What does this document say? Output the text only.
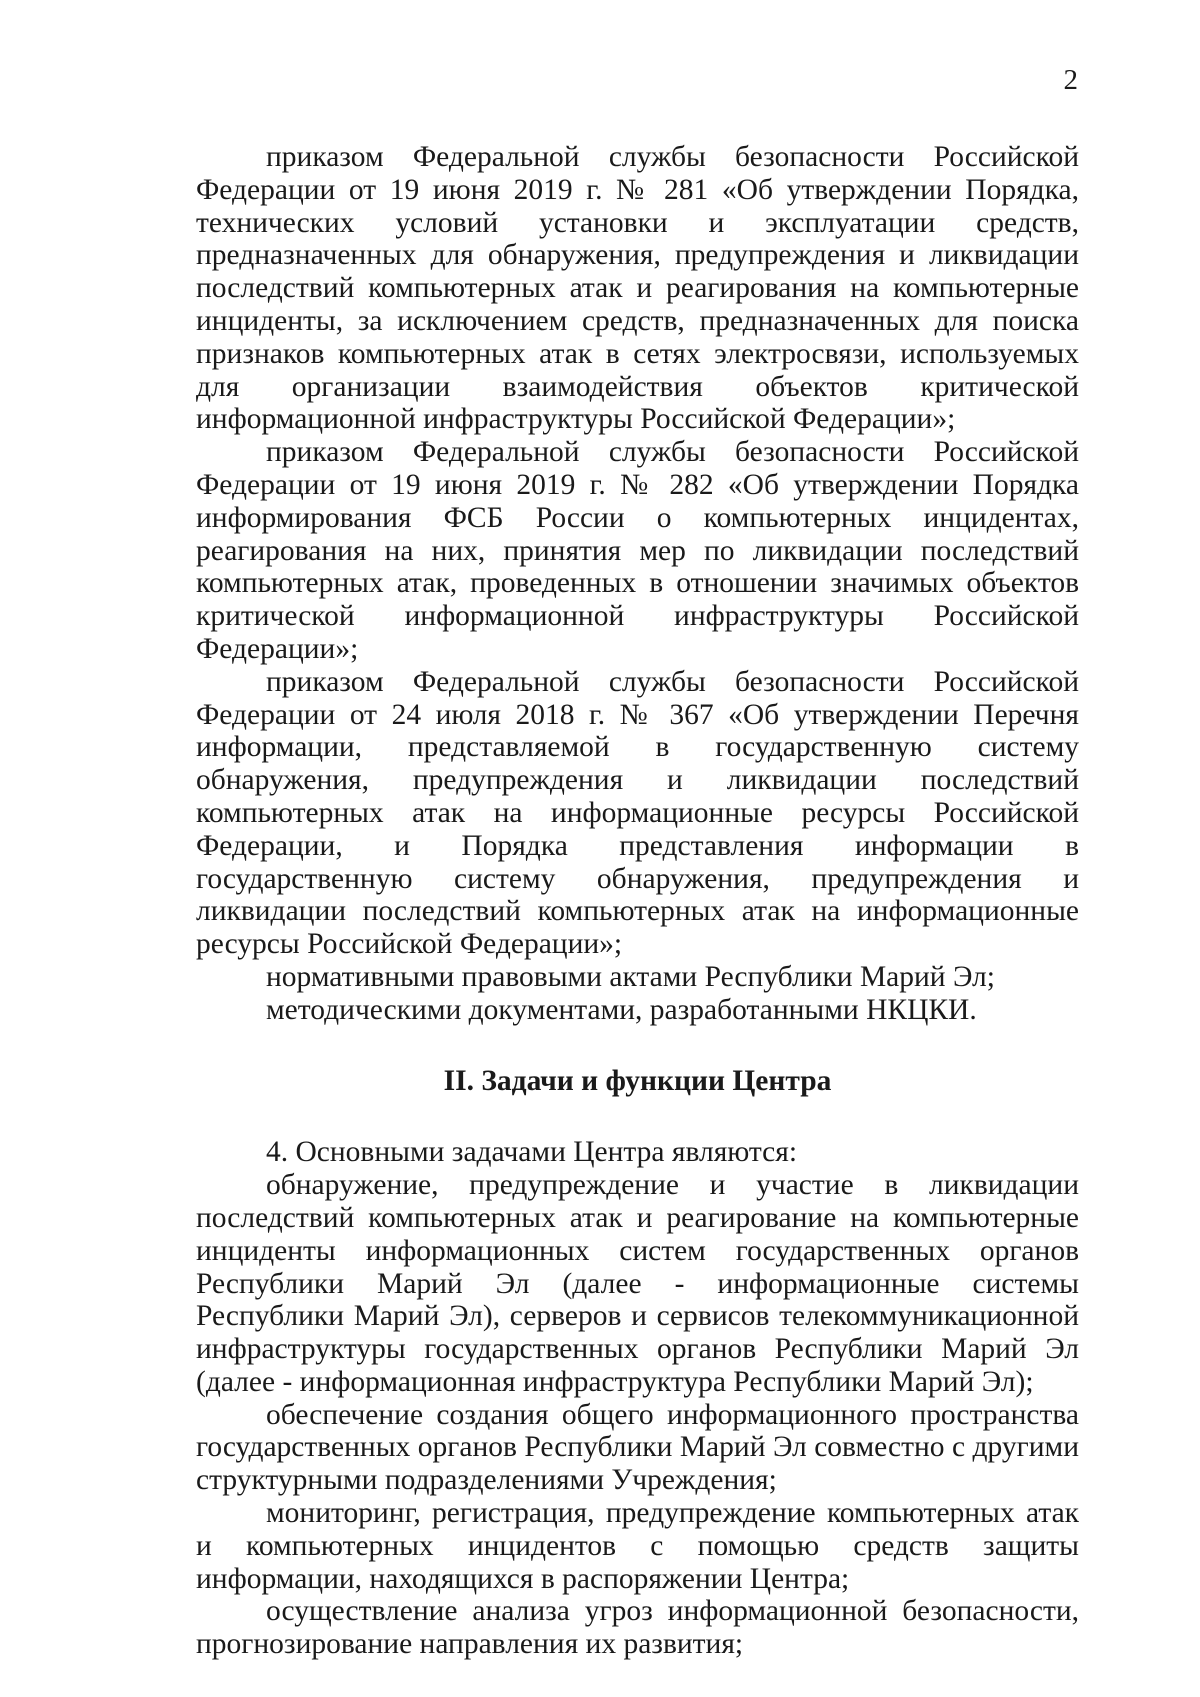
2

приказом Федеральной службы безопасности Российской Федерации от 19 июня 2019 г. № 281 «Об утверждении Порядка, технических условий установки и эксплуатации средств, предназначенных для обнаружения, предупреждения и ликвидации последствий компьютерных атак и реагирования на компьютерные инциденты, за исключением средств, предназначенных для поиска признаков компьютерных атак в сетях электросвязи, используемых для организации взаимодействия объектов критической информационной инфраструктуры Российской Федерации»;

приказом Федеральной службы безопасности Российской Федерации от 19 июня 2019 г. № 282 «Об утверждении Порядка информирования ФСБ России о компьютерных инцидентах, реагирования на них, принятия мер по ликвидации последствий компьютерных атак, проведенных в отношении значимых объектов критической информационной инфраструктуры Российской Федерации»;

приказом Федеральной службы безопасности Российской Федерации от 24 июля 2018 г. № 367 «Об утверждении Перечня информации, представляемой в государственную систему обнаружения, предупреждения и ликвидации последствий компьютерных атак на информационные ресурсы Российской Федерации, и Порядка представления информации в государственную систему обнаружения, предупреждения и ликвидации последствий компьютерных атак на информационные ресурсы Российской Федерации»;

нормативными правовыми актами Республики Марий Эл;

методическими документами, разработанными НКЦКИ.

II. Задачи и функции Центра

4. Основными задачами Центра являются:

обнаружение, предупреждение и участие в ликвидации последствий компьютерных атак и реагирование на компьютерные инциденты информационных систем государственных органов Республики Марий Эл (далее - информационные системы Республики Марий Эл), серверов и сервисов телекоммуникационной инфраструктуры государственных органов Республики Марий Эл (далее - информационная инфраструктура Республики Марий Эл);

обеспечение создания общего информационного пространства государственных органов Республики Марий Эл совместно с другими структурными подразделениями Учреждения;

мониторинг, регистрация, предупреждение компьютерных атак и компьютерных инцидентов с помощью средств защиты информации, находящихся в распоряжении Центра;

осуществление анализа угроз информационной безопасности, прогнозирование направления их развития;
